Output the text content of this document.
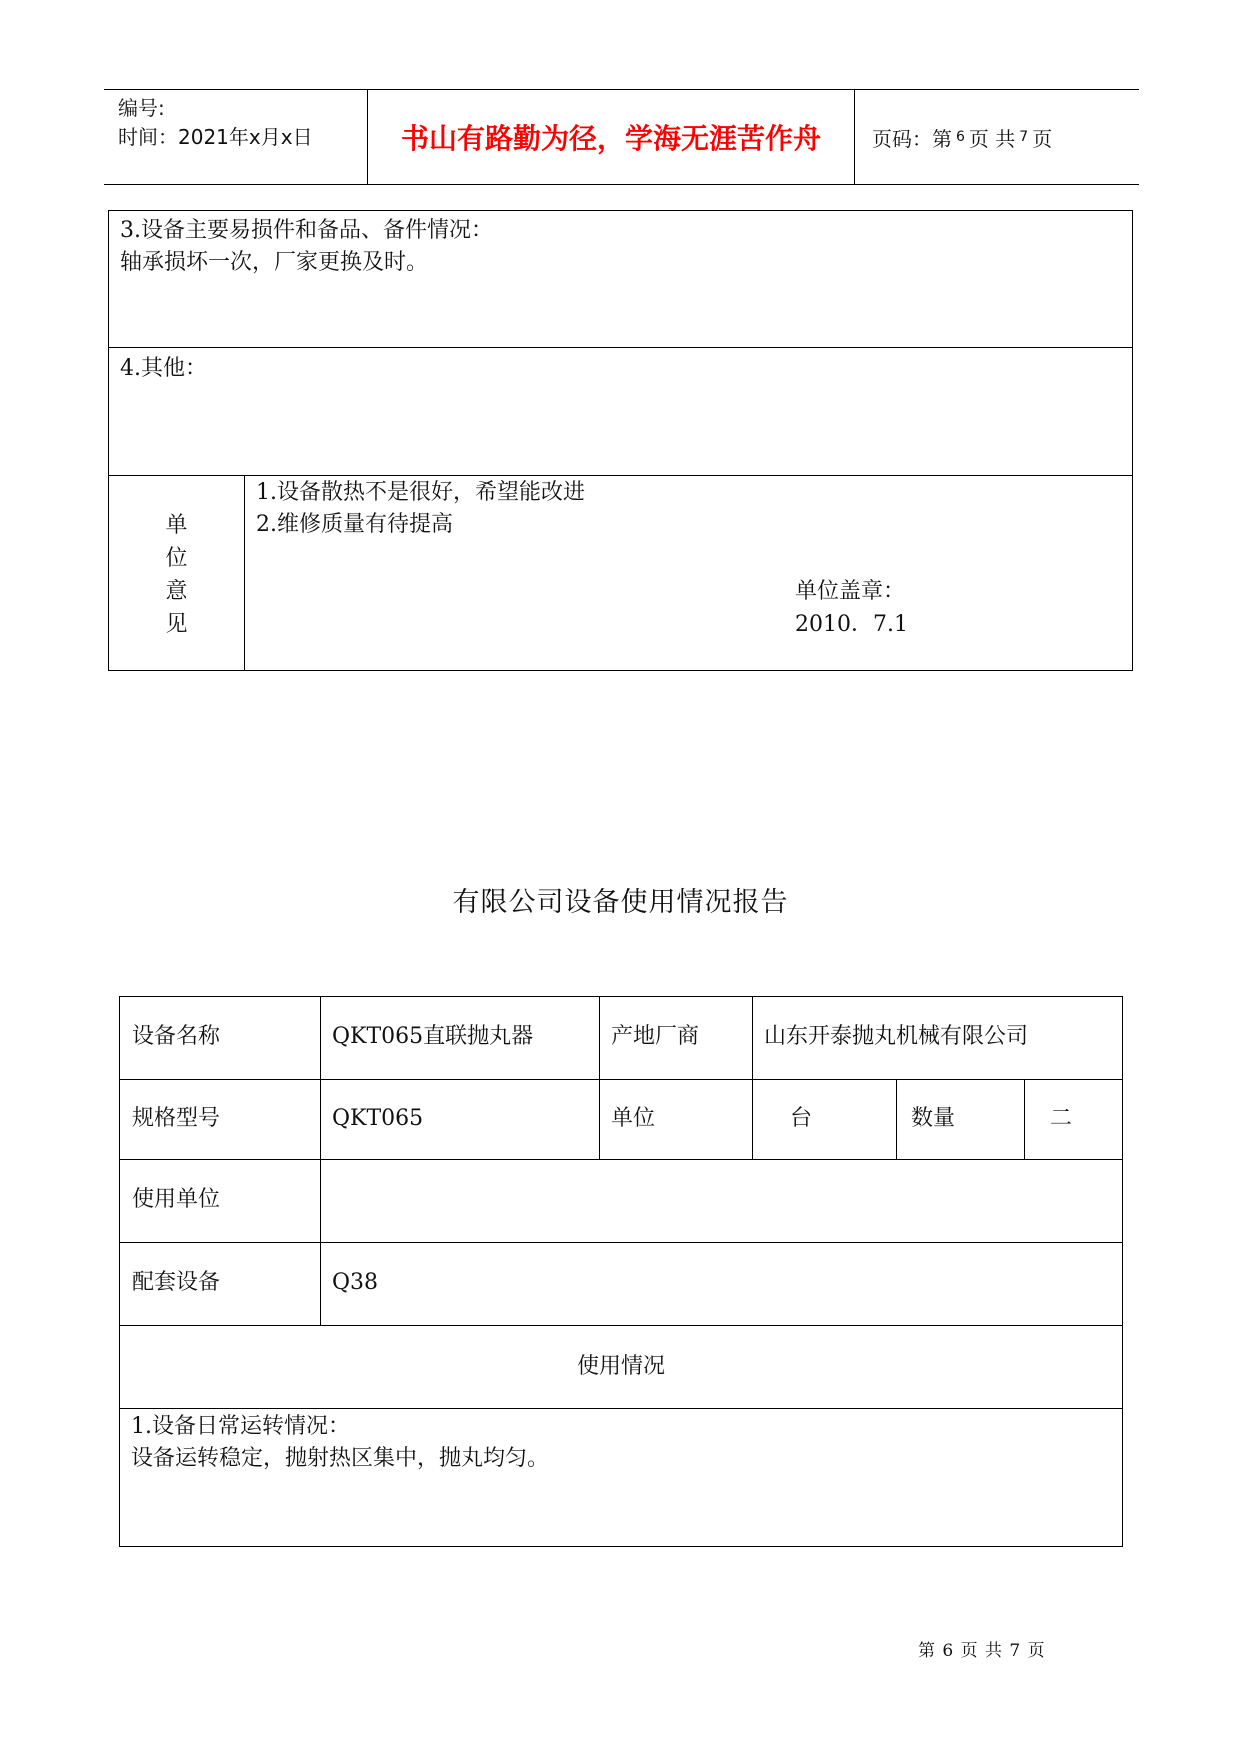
编号:
时间：2021年x月x日	书山有路勤为径，学海无涯苦作舟	页码：第 6 页 共 7 页
3.设备主要易损件和备品、备件情况：
轴承损坏一次，厂家更换及时。
4.其他：
单
位
意
见
1.设备散热不是很好，希望能改进
2.维修质量有待提高
单位盖章：
2010．7.1
有限公司设备使用情况报告
设备名称	QKT065直联抛丸器	产地厂商	山东开泰抛丸机械有限公司
规格型号	QKT065	单位	台	数量	二
使用单位
配套设备	Q38
使用情况
1.设备日常运转情况：
设备运转稳定，抛射热区集中，抛丸均匀。
第 6 页 共 7 页
